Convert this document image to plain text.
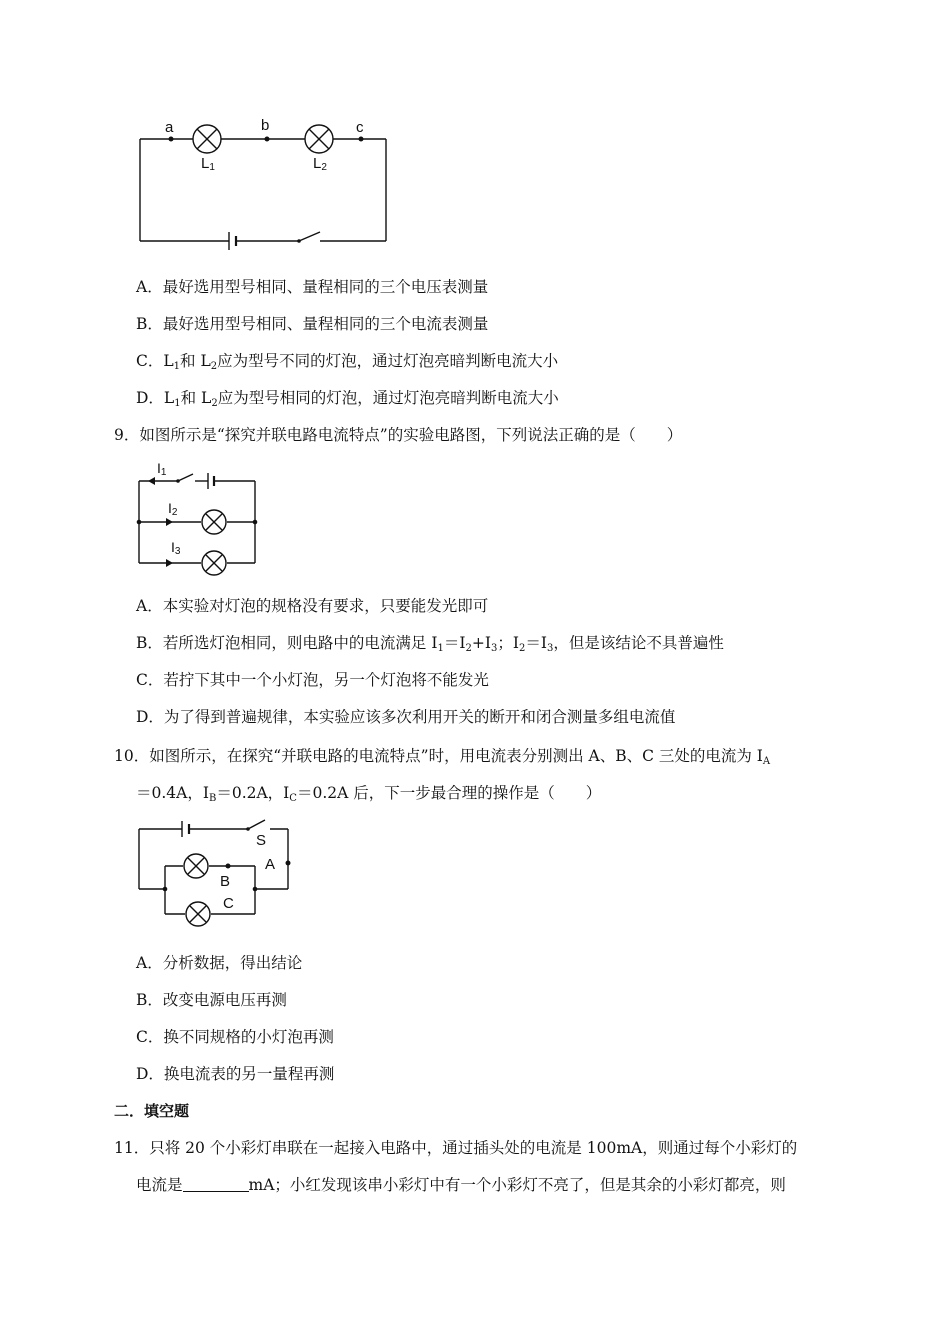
a	b	c
L1	L2
A．最好选用型号相同、量程相同的三个电压表测量
B．最好选用型号相同、量程相同的三个电流表测量
C．$L_1$和 $L_2$应为型号不同的灯泡，通过灯泡亮暗判断电流大小
D．$L_1$和 $L_2$应为型号相同的灯泡，通过灯泡亮暗判断电流大小
9．如图所示是“探究并联电路电流特点”的实验电路图，下列说法正确的是（　　）
I1
I2
I3
A．本实验对灯泡的规格没有要求，只要能发光即可
B．若所选灯泡相同，则电路中的电流满足 $I_1=I_2+I_3$；$I_2=I_3$，但是该结论不具普遍性
C．若拧下其中一个小灯泡，另一个灯泡将不能发光
D．为了得到普遍规律，本实验应该多次利用开关的断开和闭合测量多组电流值
10．如图所示，在探究“并联电路的电流特点”时，用电流表分别测出 A、B、C 三处的电流为 $I_A$
＝0.4A，$I_B=0.2A$，$I_C=0.2A$ 后，下一步最合理的操作是（　　）
S
A
B
C
A．分析数据，得出结论
B．改变电源电压再测
C．换不同规格的小灯泡再测
D．换电流表的另一量程再测
二．填空题
11．只将 20 个小彩灯串联在一起接入电路中，通过插头处的电流是 100mA，则通过每个小彩灯的
电流是	mA；小红发现该串小彩灯中有一个小彩灯不亮了，但是其余的小彩灯都亮，则
